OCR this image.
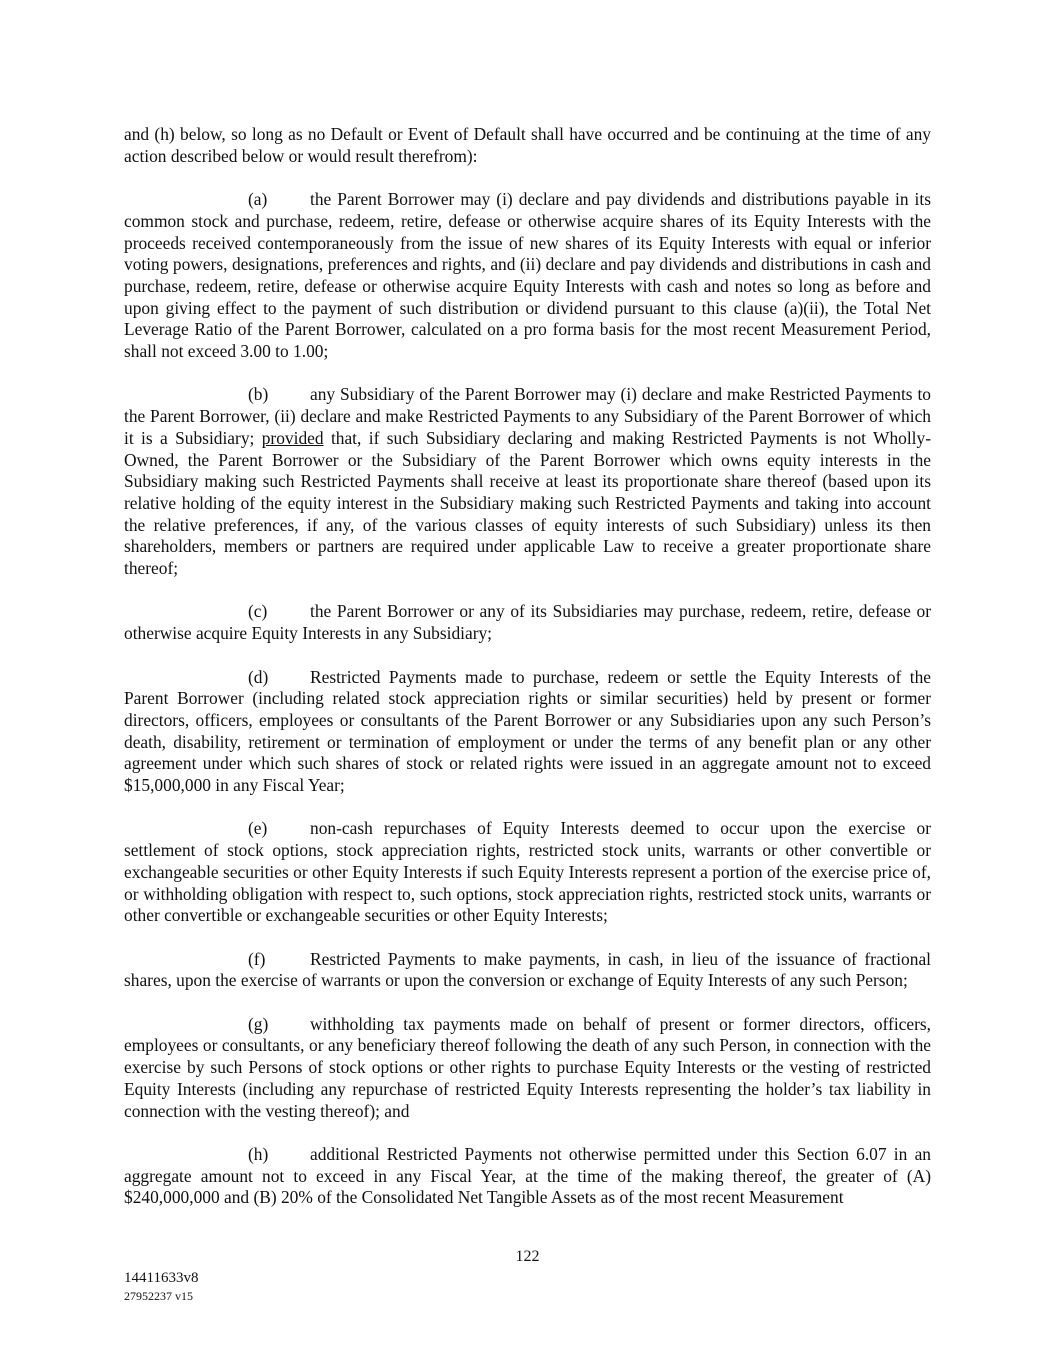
and (h) below, so long as no Default or Event of Default shall have occurred and be continuing at the time of any action described below or would result therefrom):

(a) the Parent Borrower may (i) declare and pay dividends and distributions payable in its common stock and purchase, redeem, retire, defease or otherwise acquire shares of its Equity Interests with the proceeds received contemporaneously from the issue of new shares of its Equity Interests with equal or inferior voting powers, designations, preferences and rights, and (ii) declare and pay dividends and distributions in cash and purchase, redeem, retire, defease or otherwise acquire Equity Interests with cash and notes so long as before and upon giving effect to the payment of such distribution or dividend pursuant to this clause (a)(ii), the Total Net Leverage Ratio of the Parent Borrower, calculated on a pro forma basis for the most recent Measurement Period, shall not exceed 3.00 to 1.00;

(b) any Subsidiary of the Parent Borrower may (i) declare and make Restricted Payments to the Parent Borrower, (ii) declare and make Restricted Payments to any Subsidiary of the Parent Borrower of which it is a Subsidiary; provided that, if such Subsidiary declaring and making Restricted Payments is not Wholly-Owned, the Parent Borrower or the Subsidiary of the Parent Borrower which owns equity interests in the Subsidiary making such Restricted Payments shall receive at least its proportionate share thereof (based upon its relative holding of the equity interest in the Subsidiary making such Restricted Payments and taking into account the relative preferences, if any, of the various classes of equity interests of such Subsidiary) unless its then shareholders, members or partners are required under applicable Law to receive a greater proportionate share thereof;

(c) the Parent Borrower or any of its Subsidiaries may purchase, redeem, retire, defease or otherwise acquire Equity Interests in any Subsidiary;

(d) Restricted Payments made to purchase, redeem or settle the Equity Interests of the Parent Borrower (including related stock appreciation rights or similar securities) held by present or former directors, officers, employees or consultants of the Parent Borrower or any Subsidiaries upon any such Person’s death, disability, retirement or termination of employment or under the terms of any benefit plan or any other agreement under which such shares of stock or related rights were issued in an aggregate amount not to exceed $15,000,000 in any Fiscal Year;

(e) non-cash repurchases of Equity Interests deemed to occur upon the exercise or settlement of stock options, stock appreciation rights, restricted stock units, warrants or other convertible or exchangeable securities or other Equity Interests if such Equity Interests represent a portion of the exercise price of, or withholding obligation with respect to, such options, stock appreciation rights, restricted stock units, warrants or other convertible or exchangeable securities or other Equity Interests;

(f)	Restricted Payments to make payments, in cash, in lieu of the issuance of fractional shares, upon the exercise of warrants or upon the conversion or exchange of Equity Interests of any such Person;

(g) withholding tax payments made on behalf of present or former directors, officers, employees or consultants, or any beneficiary thereof following the death of any such Person, in connection with the exercise by such Persons of stock options or other rights to purchase Equity Interests or the vesting of restricted Equity Interests (including any repurchase of restricted Equity Interests representing the holder’s tax liability in connection with the vesting thereof); and

(h) additional Restricted Payments not otherwise permitted under this Section 6.07 in an aggregate amount not to exceed in any Fiscal Year, at the time of the making thereof, the greater of (A) $240,000,000 and (B) 20% of the Consolidated Net Tangible Assets as of the most recent Measurement

122
14411633v8
27952237 v15
